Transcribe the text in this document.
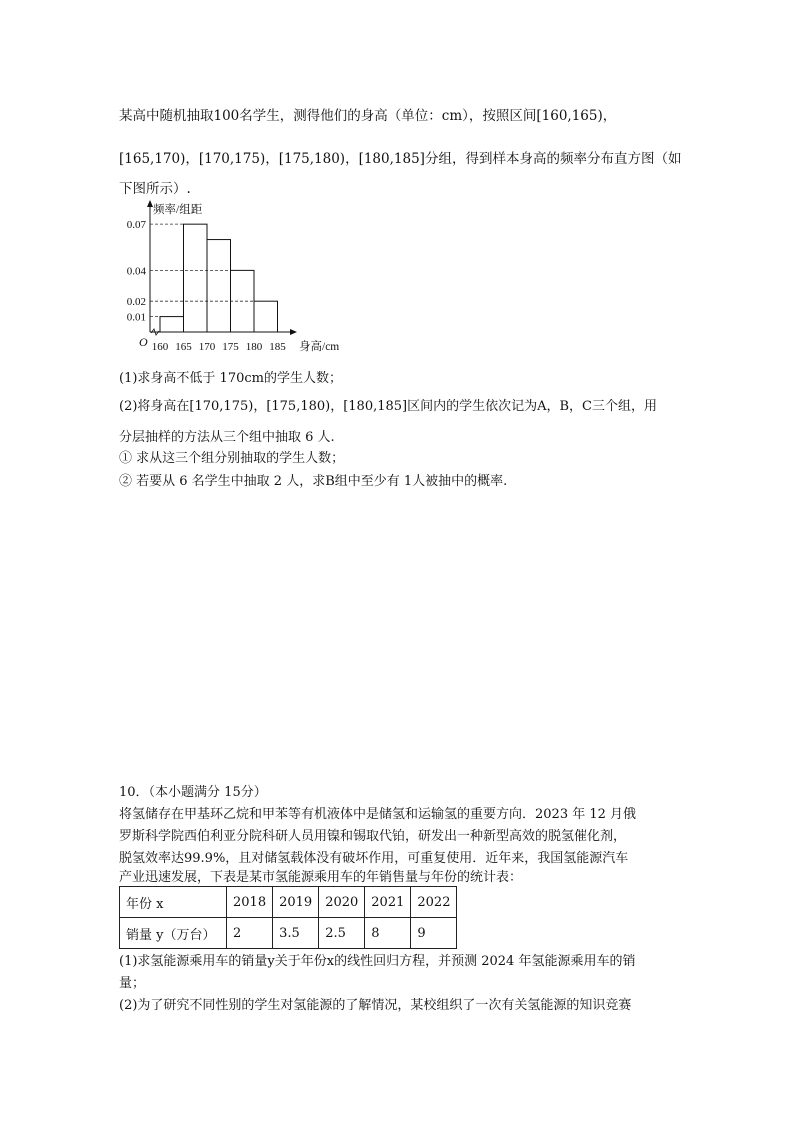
某高中随机抽取100名学生，测得他们的身高（单位：cm），按照区间[160,165)，
[165,170)，[170,175)，[175,180)，[180,185]分组，得到样本身高的频率分布直方图（如
下图所示）.
0.01
0.02
0.04
0.07
160 165 170 175 180 185
频率/组距
身高/cm
O
(1)求身高不低于 170cm的学生人数；
(2)将身高在[170,175)，[175,180)，[180,185]区间内的学生依次记为A，B，C三个组，用
分层抽样的方法从三个组中抽取 6 人.
① 求从这三个组分别抽取的学生人数；
② 若要从 6 名学生中抽取 2 人，求B组中至少有 1人被抽中的概率.
10．（本小题满分 15分）
将氢储存在甲基环乙烷和甲苯等有机液体中是储氢和运输氢的重要方向．2023 年 12 月俄
罗斯科学院西伯利亚分院科研人员用镍和锡取代铂，研发出一种新型高效的脱氢催化剂，
脱氢效率达99.9%，且对储氢载体没有破坏作用，可重复使用．近年来，我国氢能源汽车
产业迅速发展，下表是某市氢能源乘用车的年销售量与年份的统计表：
年份 x	2018	2019	2020	2021	2022
销量 y（万台）	2	3.5	2.5	8	9
(1)求氢能源乘用车的销量y关于年份x的线性回归方程，并预测 2024 年氢能源乘用车的销
量；
(2)为了研究不同性别的学生对氢能源的了解情况，某校组织了一次有关氢能源的知识竞赛
